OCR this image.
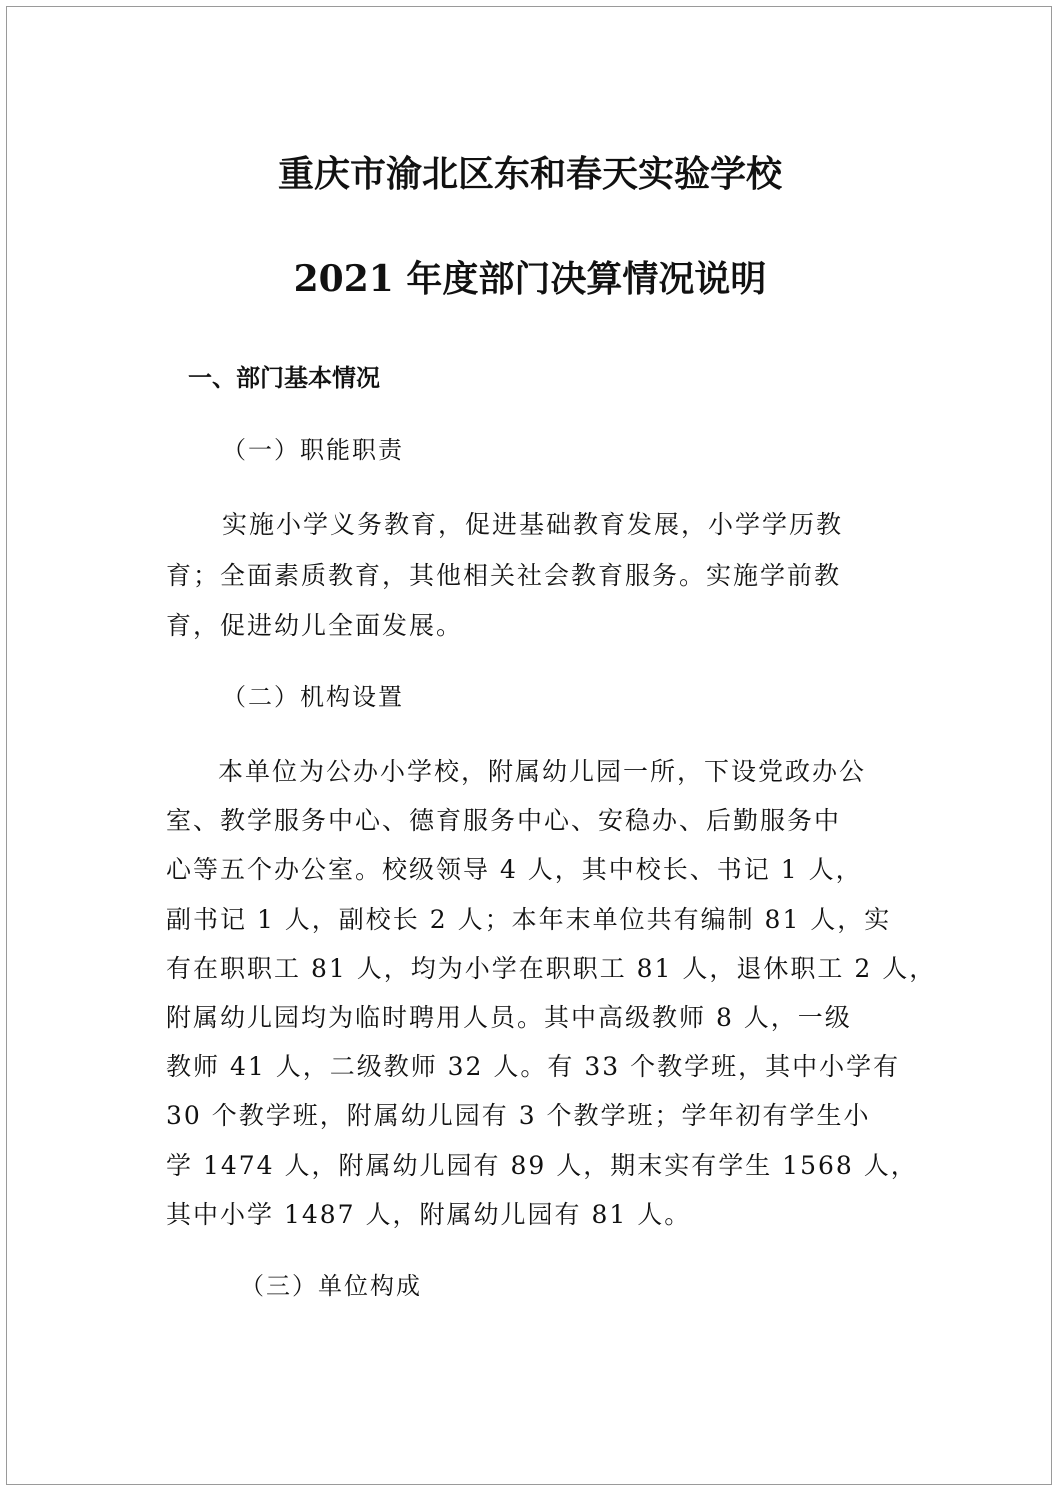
重庆市渝北区东和春天实验学校
2021 年度部门决算情况说明
一、部门基本情况
（一）职能职责
实施小学义务教育，促进基础教育发展，小学学历教
育；全面素质教育，其他相关社会教育服务。实施学前教
育，促进幼儿全面发展。
（二）机构设置
本单位为公办小学校，附属幼儿园一所，下设党政办公
室、教学服务中心、德育服务中心、安稳办、后勤服务中
心等五个办公室。校级领导 4 人，其中校长、书记 1 人，
副书记 1 人，副校长 2 人；本年末单位共有编制 81 人，实
有在职职工 81 人，均为小学在职职工 81 人，退休职工 2 人，
附属幼儿园均为临时聘用人员。其中高级教师 8 人，一级
教师 41 人，二级教师 32 人。有 33 个教学班，其中小学有
30 个教学班，附属幼儿园有 3 个教学班；学年初有学生小
学 1474 人，附属幼儿园有 89 人，期末实有学生 1568 人，
其中小学 1487 人，附属幼儿园有 81 人。
（三）单位构成
